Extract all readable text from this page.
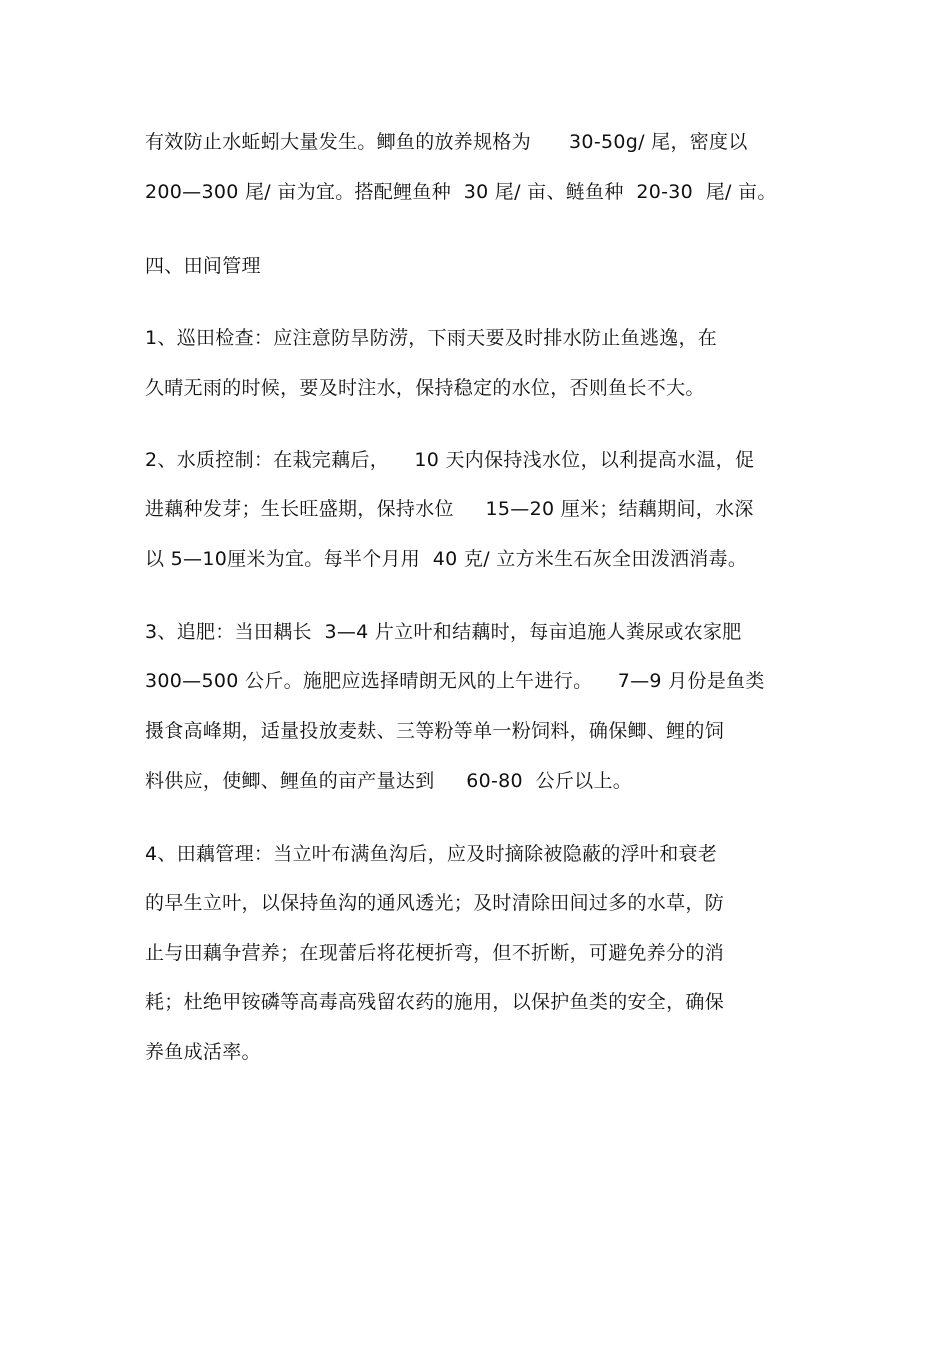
有效防止水蚯蚓大量发生。鲫鱼的放养规格为      30-50g/ 尾，密度以
200—300 尾/ 亩为宜。搭配鲤鱼种  30 尾/ 亩、鲢鱼种  20-30  尾/ 亩。
四、田间管理
1、巡田检查：应注意防旱防涝，下雨天要及时排水防止鱼逃逸，在
久晴无雨的时候，要及时注水，保持稳定的水位，否则鱼长不大。
2、水质控制：在栽完藕后，    10 天内保持浅水位，以利提高水温，促
进藕种发芽；生长旺盛期，保持水位     15—20 厘米；结藕期间，水深
以 5—10厘米为宜。每半个月用  40 克/ 立方米生石灰全田泼洒消毒。
3、追肥：当田耦长  3—4 片立叶和结藕时，每亩追施人粪尿或农家肥
300—500 公斤。施肥应选择晴朗无风的上午进行。    7—9 月份是鱼类
摄食高峰期，适量投放麦麸、三等粉等单一粉饲料，确保鲫、鲤的饲
料供应，使鲫、鲤鱼的亩产量达到     60-80  公斤以上。
4、田藕管理：当立叶布满鱼沟后，应及时摘除被隐蔽的浮叶和衰老
的早生立叶，以保持鱼沟的通风透光；及时清除田间过多的水草，防
止与田藕争营养；在现蕾后将花梗折弯，但不折断，可避免养分的消
耗；杜绝甲铵磷等高毒高残留农药的施用，以保护鱼类的安全，确保
养鱼成活率。
